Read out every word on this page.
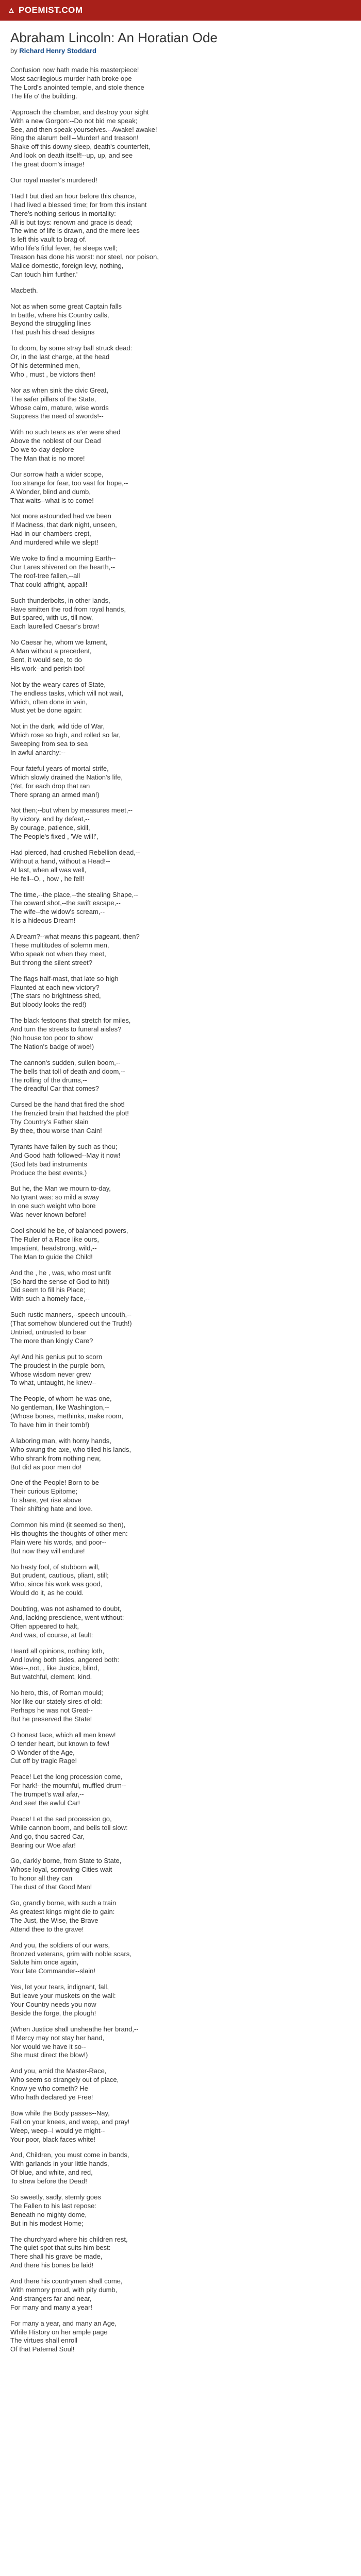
POEMIST.COM
Abraham Lincoln: An Horatian Ode
by Richard Henry Stoddard
Confusion now hath made his masterpiece!
Most sacrilegious murder hath broke ope
The Lord's anointed temple, and stole thence
The life o' the building.
'Approach the chamber, and destroy your sight
With a new Gorgon:--Do not bid me speak;
See, and then speak yourselves.--Awake! awake!
Ring the alarum bell!--Murder! and treason!
Shake off this downy sleep, death's counterfeit,
And look on death itself!--up, up, and see
The great doom's image!
Our royal master's murdered!
'Had I but died an hour before this chance,
I had lived a blessed time; for from this instant
There's nothing serious in mortality:
All is but toys: renown and grace is dead;
The wine of life is drawn, and the mere lees
Is left this vault to brag of.
Who life's fitful fever, he sleeps well;
Treason has done his worst: nor steel, nor poison,
Malice domestic, foreign levy, nothing,
Can touch him further.'
Macbeth.
Not as when some great Captain falls
In battle, where his Country calls,
Beyond the struggling lines
That push his dread designs
To doom, by some stray ball struck dead:
Or, in the last charge, at the head
Of his determined men,
Who , must , be victors then!
Nor as when sink the civic Great,
The safer pillars of the State,
Whose calm, mature, wise words
Suppress the need of swords!--
With no such tears as e'er were shed
Above the noblest of our Dead
Do we to-day deplore
The Man that is no more!
Our sorrow hath a wider scope,
Too strange for fear, too vast for hope,--
A Wonder, blind and dumb,
That waits--what is to come!
Not more astounded had we been
If Madness, that dark night, unseen,
Had in our chambers crept,
And murdered while we slept!
We woke to find a mourning Earth--
Our Lares shivered on the hearth,--
The roof-tree fallen,--all
That could affright, appall!
Such thunderbolts, in other lands,
Have smitten the rod from royal hands,
But spared, with us, till now,
Each laurelled Caesar's brow!
No Caesar he, whom we lament,
A Man without a precedent,
Sent, it would see, to do
His work--and perish too!
Not by the weary cares of State,
The endless tasks, which will not wait,
Which, often done in vain,
Must yet be done again:
Not in the dark, wild tide of War,
Which rose so high, and rolled so far,
Sweeping from sea to sea
In awful anarchy:--
Four fateful years of mortal strife,
Which slowly drained the Nation's life,
(Yet, for each drop that ran
There sprang an armed man!)
Not then;--but when by measures meet,--
By victory, and by defeat,--
By courage, patience, skill,
The People's fixed , 'We will!',
Had pierced, had crushed Rebellion dead,--
Without a hand, without a Head!--
At last, when all was well,
He fell--O, , how , he fell!
The time,--the place,--the stealing Shape,--
The coward shot,--the swift escape,--
The wife--the widow's scream,--
It is a hideous Dream!
A Dream?--what means this pageant, then?
These multitudes of solemn men,
Who speak not when they meet,
But throng the silent street?
The flags half-mast, that late so high
Flaunted at each new victory?
(The stars no brightness shed,
But bloody looks the red!)
The black festoons that stretch for miles,
And turn the streets to funeral aisles?
(No house too poor to show
The Nation's badge of woe!)
The cannon's sudden, sullen boom,--
The bells that toll of death and doom,--
The rolling of the drums,--
The dreadful Car that comes?
Cursed be the hand that fired the shot!
The frenzied brain that hatched the plot!
Thy Country's Father slain
By thee, thou worse than Cain!
Tyrants have fallen by such as thou;
And Good hath followed--May it now!
(God lets bad instruments
Produce the best events.)
But he, the Man we mourn to-day,
No tyrant was: so mild a sway
In one such weight who bore
Was never known before!
Cool should he be, of balanced powers,
The Ruler of a Race like ours,
Impatient, headstrong, wild,--
The Man to guide the Child!
And the , he , was, who most unfit
(So hard the sense of God to hit!)
Did seem to fill his Place;
With such a homely face,--
Such rustic manners,--speech uncouth,--
(That somehow blundered out the Truth!)
Untried, untrusted to bear
The more than kingly Care?
Ay! And his genius put to scorn
The proudest in the purple born,
Whose wisdom never grew
To what, untaught, he knew--
The People, of whom he was one,
No gentleman, like Washington,--
(Whose bones, methinks, make room,
To have him in their tomb!)
A laboring man, with horny hands,
Who swung the axe, who tilled his lands,
Who shrank from nothing new,
But did as poor men do!
One of the People! Born to be
Their curious Epitome;
To share, yet rise above
Their shifting hate and love.
Common his mind (it seemed so then),
His thoughts the thoughts of other men:
Plain were his words, and poor--
But now they will endure!
No hasty fool, of stubborn will,
But prudent, cautious, pliant, still;
Who, since his work was good,
Would do it, as he could.
Doubting, was not ashamed to doubt,
And, lacking prescience, went without:
Often appeared to halt,
And was, of course, at fault:
Heard all opinions, nothing loth,
And loving both sides, angered both:
Was--,not, , like Justice, blind,
But watchful, clement, kind.
No hero, this, of Roman mould;
Nor like our stately sires of old:
Perhaps he was not Great--
But he preserved the State!
O honest face, which all men knew!
O tender heart, but known to few!
O Wonder of the Age,
Cut off by tragic Rage!
Peace! Let the long procession come,
For hark!--the mournful, muffled drum--
The trumpet's wail afar,--
And see! the awful Car!
Peace! Let the sad procession go,
While cannon boom, and bells toll slow:
And go, thou sacred Car,
Bearing our Woe afar!
Go, darkly borne, from State to State,
Whose loyal, sorrowing Cities wait
To honor all they can
The dust of that Good Man!
Go, grandly borne, with such a train
As greatest kings might die to gain:
The Just, the Wise, the Brave
Attend thee to the grave!
And you, the soldiers of our wars,
Bronzed veterans, grim with noble scars,
Salute him once again,
Your late Commander--slain!
Yes, let your tears, indignant, fall,
But leave your muskets on the wall:
Your Country needs you now
Beside the forge, the plough!
(When Justice shall unsheathe her brand,--
If Mercy may not stay her hand,
Nor would we have it so--
She must direct the blow!)
And you, amid the Master-Race,
Who seem so strangely out of place,
Know ye who cometh? He
Who hath declared ye Free!
Bow while the Body passes--Nay,
Fall on your knees, and weep, and pray!
Weep, weep--I would ye might--
Your poor, black faces white!
And, Children, you must come in bands,
With garlands in your little hands,
Of blue, and white, and red,
To strew before the Dead!
So sweetly, sadly, sternly goes
The Fallen to his last repose:
Beneath no mighty dome,
But in his modest Home;
The churchyard where his children rest,
The quiet spot that suits him best:
There shall his grave be made,
And there his bones be laid!
And there his countrymen shall come,
With memory proud, with pity dumb,
And strangers far and near,
For many and many a year!
For many a year, and many an Age,
While History on her ample page
The virtues shall enroll
Of that Paternal Soul!
